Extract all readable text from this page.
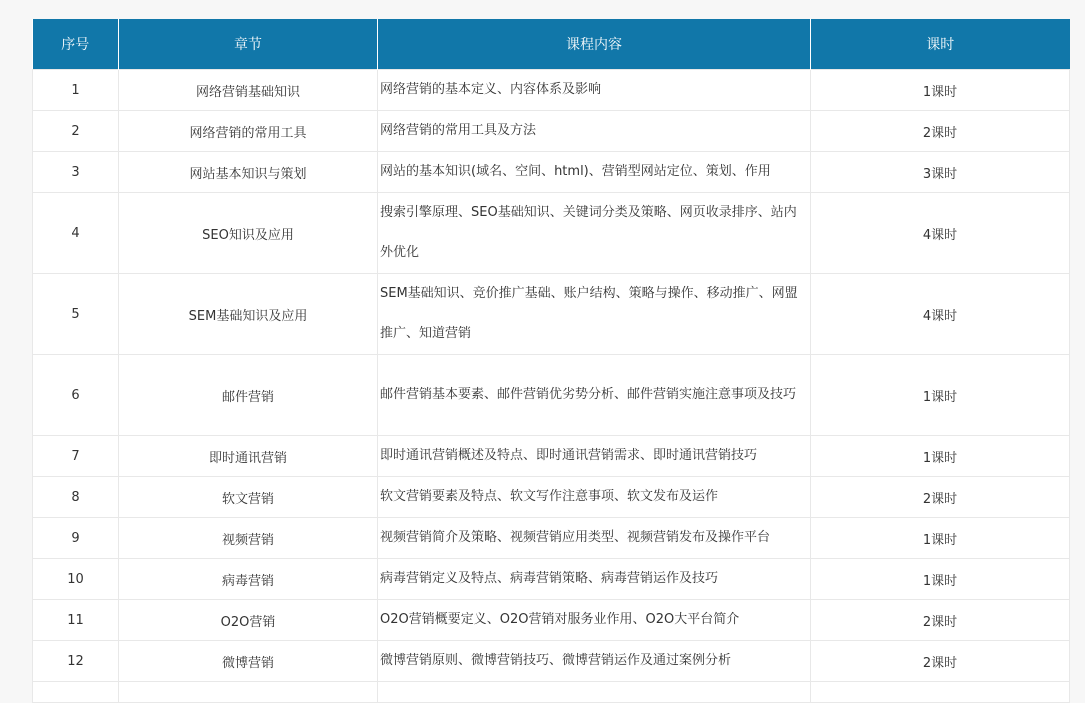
序号	章节	课程内容	课时
1	网络营销基础知识	网络营销的基本定义、内容体系及影响	1课时
2	网络营销的常用工具	网络营销的常用工具及方法	2课时
3	网站基本知识与策划	网站的基本知识(域名、空间、html)、营销型网站定位、策划、作用	3课时
4	SEO知识及应用	搜索引擎原理、SEO基础知识、关键词分类及策略、网页收录排序、站内外优化	4课时
5	SEM基础知识及应用	SEM基础知识、竞价推广基础、账户结构、策略与操作、移动推广、网盟推广、知道营销	4课时
6	邮件营销	邮件营销基本要素、邮件营销优劣势分析、邮件营销实施注意事项及技巧	1课时
7	即时通讯营销	即时通讯营销概述及特点、即时通讯营销需求、即时通讯营销技巧	1课时
8	软文营销	软文营销要素及特点、软文写作注意事项、软文发布及运作	2课时
9	视频营销	视频营销简介及策略、视频营销应用类型、视频营销发布及操作平台	1课时
10	病毒营销	病毒营销定义及特点、病毒营销策略、病毒营销运作及技巧	1课时
11	O2O营销	O2O营销概要定义、O2O营销对服务业作用、O2O大平台简介	2课时
12	微博营销	微博营销原则、微博营销技巧、微博营销运作及通过案例分析	2课时
